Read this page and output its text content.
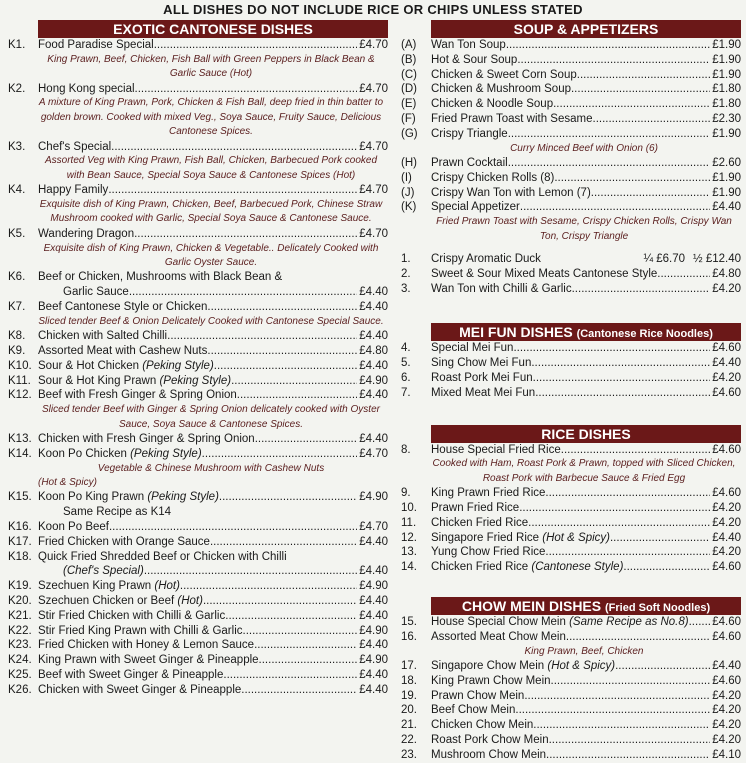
ALL DISHES DO NOT INCLUDE RICE OR CHIPS UNLESS STATED
EXOTIC CANTONESE DISHES
K1.	Food Paradise Special .....	£4.70
King Prawn, Beef, Chicken, Fish Ball with Green Peppers in Black Bean & Garlic Sauce (Hot)
K2.	Hong Kong special .....	£4.70
A mixture of King Prawn, Pork, Chicken & Fish Ball, deep fried in thin batter to golden brown. Cooked with mixed Veg., Soya Sauce, Fruity Sauce, Delicious Cantonese Spices.
K3.	Chef's Special .....	£4.70
Assorted Veg with King Prawn, Fish Ball, Chicken, Barbecued Pork cooked with Bean Sauce, Special Soya Sauce & Cantonese Spices (Hot)
K4.	Happy Family .....	£4.70
Exquisite dish of King Prawn, Chicken, Beef, Barbecued Pork, Chinese Straw Mushroom cooked with Garlic, Special Soya Sauce & Cantonese Sauce.
K5.	Wandering Dragon .....	£4.70
Exquisite dish of King Prawn, Chicken & Vegetable.. Delicately Cooked with Garlic Oyster Sauce.
K6.	Beef or Chicken, Mushrooms with Black Bean &
Garlic Sauce .....	£4.40
K7.	Beef Cantonese Style or Chicken .....	£4.40
Sliced tender Beef & Onion Delicately Cooked with Cantonese Special Sauce.
K8.	Chicken with Salted Chilli .....	£4.40
K9.	Assorted Meat with Cashew Nuts .....	£4.80
K10. Sour & Hot Chicken (Peking Style) .....	£4.40
K11. Sour & Hot King Prawn (Peking Style) .....	£4.90
K12. Beef with Fresh Ginger & Spring Onion .....	£4.40
Sliced tender Beef with Ginger & Spring Onion delicately cooked with Oyster Sauce, Soya Sauce & Cantonese Spices.
K13. Chicken with Fresh Ginger & Spring Onion .....	£4.40
K14. Koon Po Chicken (Peking Style) .....	£4.70
Vegetable & Chinese Mushroom with Cashew Nuts
(Hot & Spicy)
K15. Koon Po King Prawn (Peking Style) .....	£4.90
Same Recipe as K14
K16. Koon Po Beef .....	£4.70
K17. Fried Chicken with Orange Sauce .....	£4.40
K18. Quick Fried Shredded Beef or Chicken with Chilli
(Chef's Special) .....	£4.40
K19. Szechuen King Prawn (Hot) .....	£4.90
K20. Szechuen Chicken or Beef (Hot) .....	£4.40
K21. Stir Fried Chicken with Chilli & Garlic .....	£4.40
K22. Stir Fried King Prawn with Chilli & Garlic .....	£4.90
K23. Fried Chicken with Honey & Lemon Sauce .....	£4.40
K24. King Prawn with Sweet Ginger & Pineapple .....	£4.90
K25. Beef with Sweet Ginger & Pineapple .....	£4.40
K26. Chicken with Sweet Ginger & Pineapple .....	£4.40
SOUP & APPETIZERS
(A)	Wan Ton Soup .....	£1.90
(B)	Hot & Sour Soup .....	£1.90
(C)	Chicken & Sweet Corn Soup .....	£1.90
(D)	Chicken & Mushroom Soup .....	£1.80
(E)	Chicken & Noodle Soup .....	£1.80
(F)	Fried Prawn Toast with Sesame .....	£2.30
(G)	Crispy Triangle .....	£1.90
Curry Minced Beef with Onion (6)
(H)	Prawn Cocktail .....	£2.60
(I)	Crispy Chicken Rolls (8) .....	£1.90
(J)	Crispy Wan Ton with Lemon (7) .....	£1.90
(K)	Special Appetizer .....	£4.40
Fried Prawn Toast with Sesame, Crispy Chicken Rolls, Crispy Wan Ton, Crispy Triangle
1.	Crispy Aromatic Duck	¼ £6.70 ½ £12.40
2.	Sweet & Sour Mixed Meats Cantonese Style .....	£4.80
3.	Wan Ton with Chilli & Garlic .....	£4.20
MEI FUN DISHES (Cantonese Rice Noodles)
4.	Special Mei Fun .....	£4.60
5.	Sing Chow Mei Fun .....	£4.40
6.	Roast Pork Mei Fun .....	£4.20
7.	Mixed Meat Mei Fun .....	£4.60
RICE DISHES
8.	House Special Fried Rice .....	£4.60
Cooked with Ham, Roast Pork & Prawn, topped with Sliced Chicken, Roast Pork with Barbecue Sauce & Fried Egg
9.	King Prawn Fried Rice .....	£4.60
10.	Prawn Fried Rice .....	£4.20
11.	Chicken Fried Rice .....	£4.20
12.	Singapore Fried Rice (Hot & Spicy) .....	£4.40
13.	Yung Chow Fried Rice .....	£4.20
14.	Chicken Fried Rice (Cantonese Style) .....	£4.60
CHOW MEIN DISHES (Fried Soft Noodles)
15.	House Special Chow Mein (Same Recipe as No.8) .....	£4.60
16.	Assorted Meat Chow Mein .....	£4.60
King Prawn, Beef, Chicken
17.	Singapore Chow Mein (Hot & Spicy) .....	£4.40
18.	King Prawn Chow Mein .....	£4.60
19.	Prawn Chow Mein .....	£4.20
20.	Beef Chow Mein .....	£4.20
21.	Chicken Chow Mein .....	£4.20
22.	Roast Pork Chow Mein .....	£4.20
23.	Mushroom Chow Mein .....	£4.10
